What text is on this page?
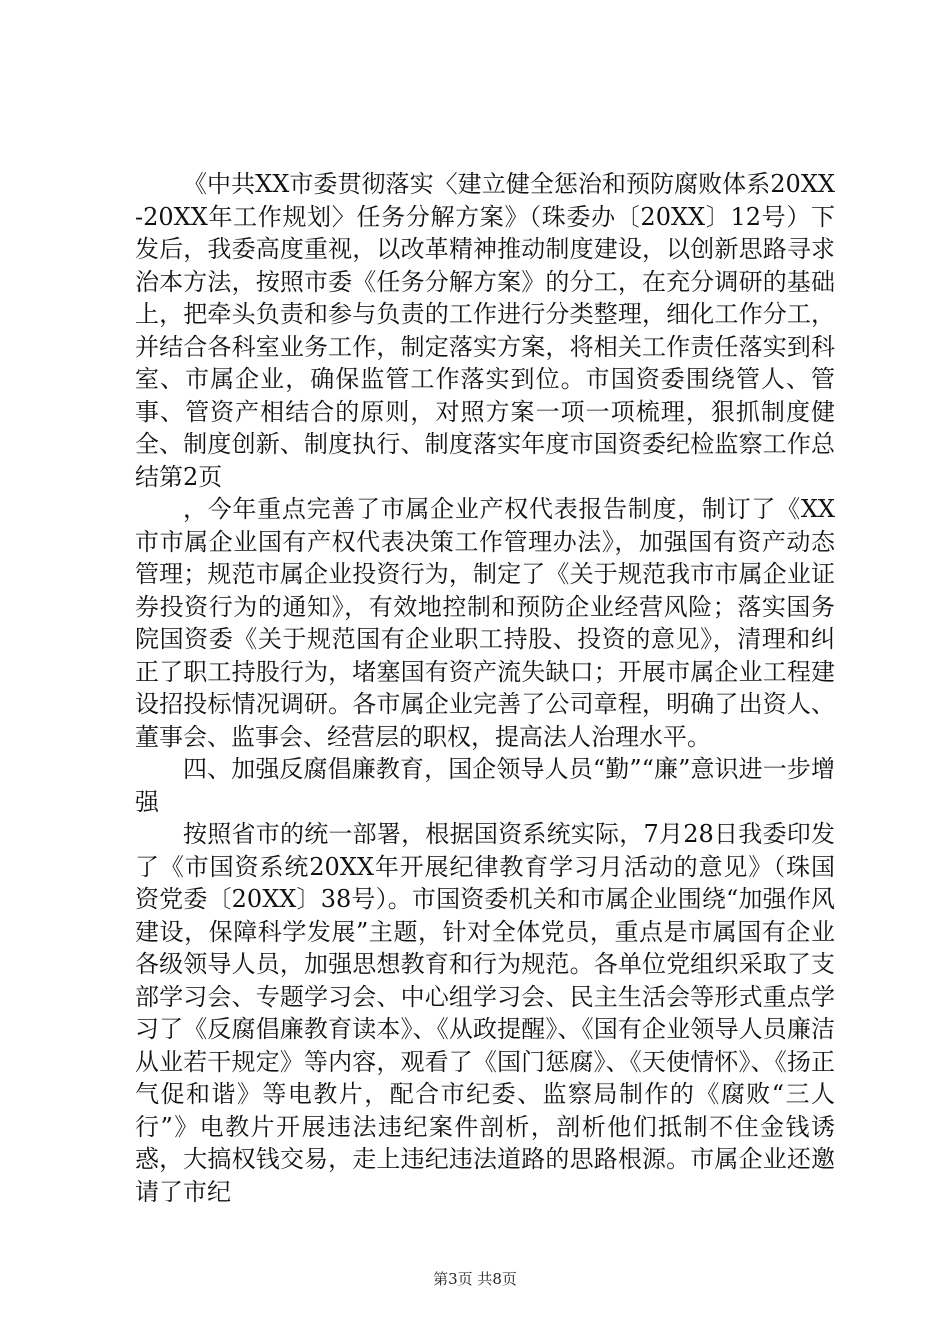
《中共XX市委贯彻落实〈建立健全惩治和预防腐败体系20XX-20XX年工作规划〉任务分解方案》（珠委办〔20XX〕12号）下发后，我委高度重视，以改革精神推动制度建设，以创新思路寻求治本方法，按照市委《任务分解方案》的分工，在充分调研的基础上，把牵头负责和参与负责的工作进行分类整理，细化工作分工，并结合各科室业务工作，制定落实方案，将相关工作责任落实到科室、市属企业，确保监管工作落实到位。市国资委围绕管人、管事、管资产相结合的原则，对照方案一项一项梳理，狠抓制度健全、制度创新、制度执行、制度落实年度市国资委纪检监察工作总结第2页

，今年重点完善了市属企业产权代表报告制度，制订了《XX市市属企业国有产权代表决策工作管理办法》，加强国有资产动态管理；规范市属企业投资行为，制定了《关于规范我市市属企业证券投资行为的通知》，有效地控制和预防企业经营风险；落实国务院国资委《关于规范国有企业职工持股、投资的意见》，清理和纠正了职工持股行为，堵塞国有资产流失缺口；开展市属企业工程建设招投标情况调研。各市属企业完善了公司章程，明确了出资人、董事会、监事会、经营层的职权，提高法人治理水平。

四、加强反腐倡廉教育，国企领导人员“勤”“廉”意识进一步增强

按照省市的统一部署，根据国资系统实际，7月28日我委印发了《市国资系统20XX年开展纪律教育学习月活动的意见》（珠国资党委〔20XX〕38号）。市国资委机关和市属企业围绕“加强作风建设，保障科学发展”主题，针对全体党员，重点是市属国有企业各级领导人员，加强思想教育和行为规范。各单位党组织采取了支部学习会、专题学习会、中心组学习会、民主生活会等形式重点学习了《反腐倡廉教育读本》、《从政提醒》、《国有企业领导人员廉洁从业若干规定》等内容，观看了《国门惩腐》、《天使情怀》、《扬正气促和谐》等电教片，配合市纪委、监察局制作的《腐败“三人行”》电教片开展违法违纪案件剖析，剖析他们抵制不住金钱诱惑，大搞权钱交易，走上违纪违法道路的思路根源。市属企业还邀请了市纪

第3页 共8页
